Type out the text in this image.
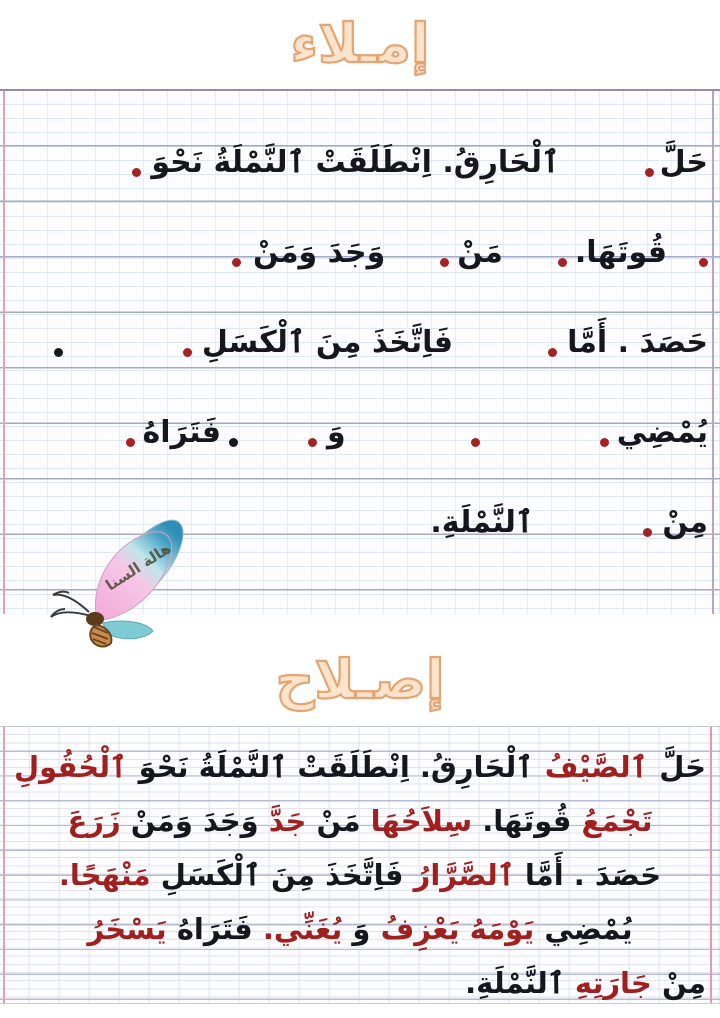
إمـلاء
حَلَّ
ٱلْحَارِقُ. اِنْطَلَقَتْ ٱلنَّمْلَةُ نَحْوَ
قُوتَهَا.
مَنْ
وَجَدَ وَمَنْ
حَصَدَ . أَمَّا
فَاِتَّخَذَ مِنَ ٱلْكَسَلِ
يُمْضِي
وَ
فَتَرَاهُ
مِنْ
ٱلنَّمْلَةِ.
هالة السنا
إصـلاح
حَلَّ
ٱلصَّيْفُ
ٱلْحَارِقُ. اِنْطَلَقَتْ ٱلنَّمْلَةُ نَحْوَ
ٱلْحُقُولِ
تَجْمَعُ قُوتَهَا. سِلاَحُهَا مَنْ جَدَّ وَجَدَ وَمَنْ زَرَعَ
حَصَدَ . أَمَّا ٱلصَّرَّارُ فَاِتَّخَذَ مِنَ ٱلْكَسَلِ مَنْهَجًا.
يُمْضِي يَوْمَهُ يَعْزِفُ وَ يُغَنِّي. فَتَرَاهُ يَسْخَرُ
مِنْ جَارَتِهِ ٱلنَّمْلَةِ.
